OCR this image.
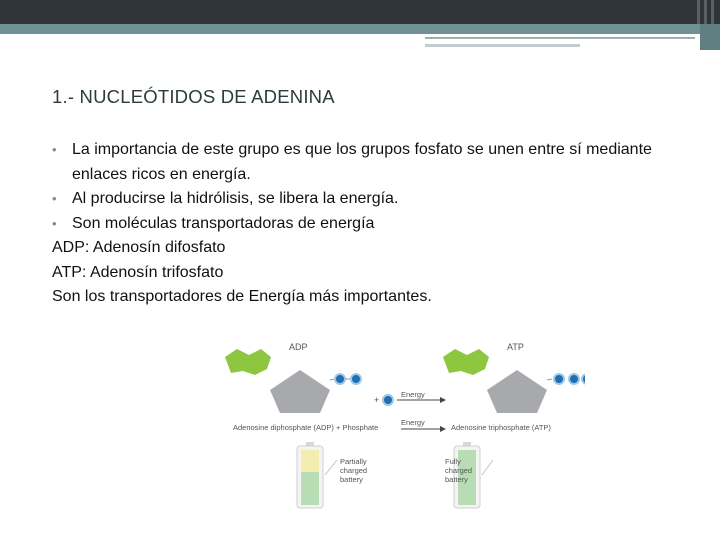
1.- NUCLEÓTIDOS DE ADENINA
• La importancia de este grupo es que los grupos fosfato se unen entre sí mediante enlaces ricos en energía.
• Al producirse la hidrólisis, se libera la energía.
• Son moléculas transportadoras de energía
ADP: Adenosín difosfato
ATP: Adenosín trifosfato
Son los transportadores de Energía más importantes.
ADP	ATP
Energy
+
Energy
Adenosine diphosphate (ADP) + Phosphate	Adenosine triphosphate (ATP)
Partially
charged
battery
Fully
charged
battery
